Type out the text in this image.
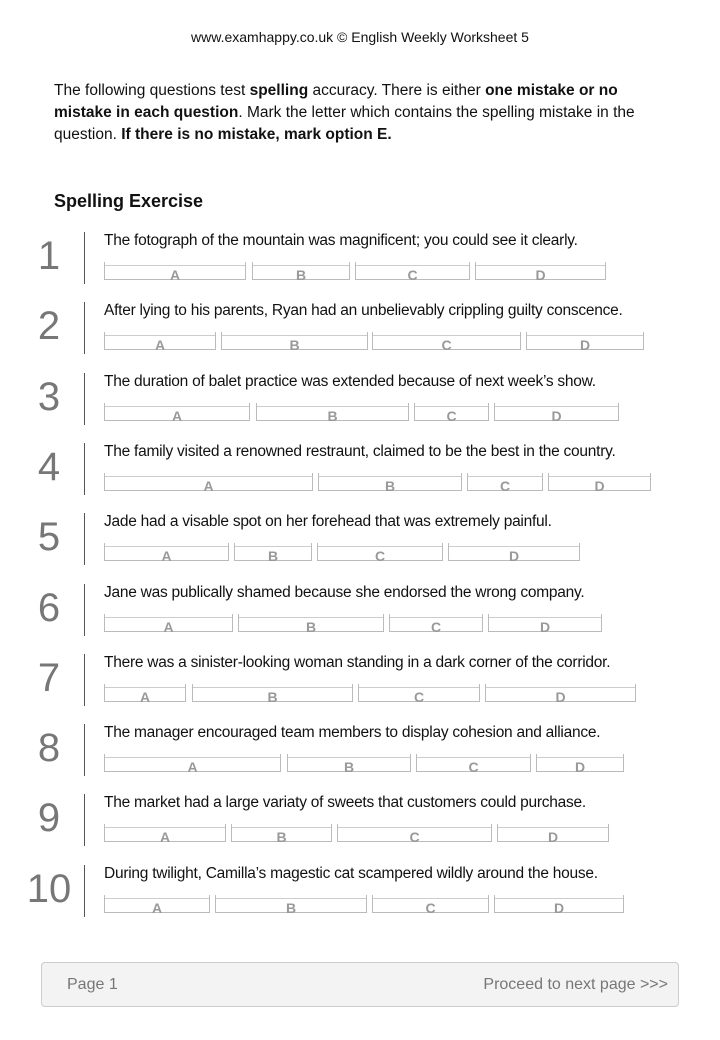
www.examhappy.co.uk © English Weekly Worksheet 5
The following questions test spelling accuracy. There is either one mistake or no mistake in each question. Mark the letter which contains the spelling mistake in the question. If there is no mistake, mark option E.
Spelling Exercise
1	The fotograph of the mountain was magnificent; you could see it clearly.
A	B	C	D
2	After lying to his parents, Ryan had an unbelievably crippling guilty conscence.
A	B	C	D
3	The duration of balet practice was extended because of next week’s show.
A	B	C	D
4	The family visited a renowned restraunt, claimed to be the best in the country.
A	B	C	D
5	Jade had a visable spot on her forehead that was extremely painful.
A	B	C	D
6	Jane was publically shamed because she endorsed the wrong company.
A	B	C	D
7	There was a sinister-looking woman standing in a dark corner of the corridor.
A	B	C	D
8	The manager encouraged team members to display cohesion and alliance.
A	B	C	D
9	The market had a large variaty of sweets that customers could purchase.
A	B	C	D
10	During twilight, Camilla’s magestic cat scampered wildly around the house.
A	B	C	D
Page 1	Proceed to next page >>>
